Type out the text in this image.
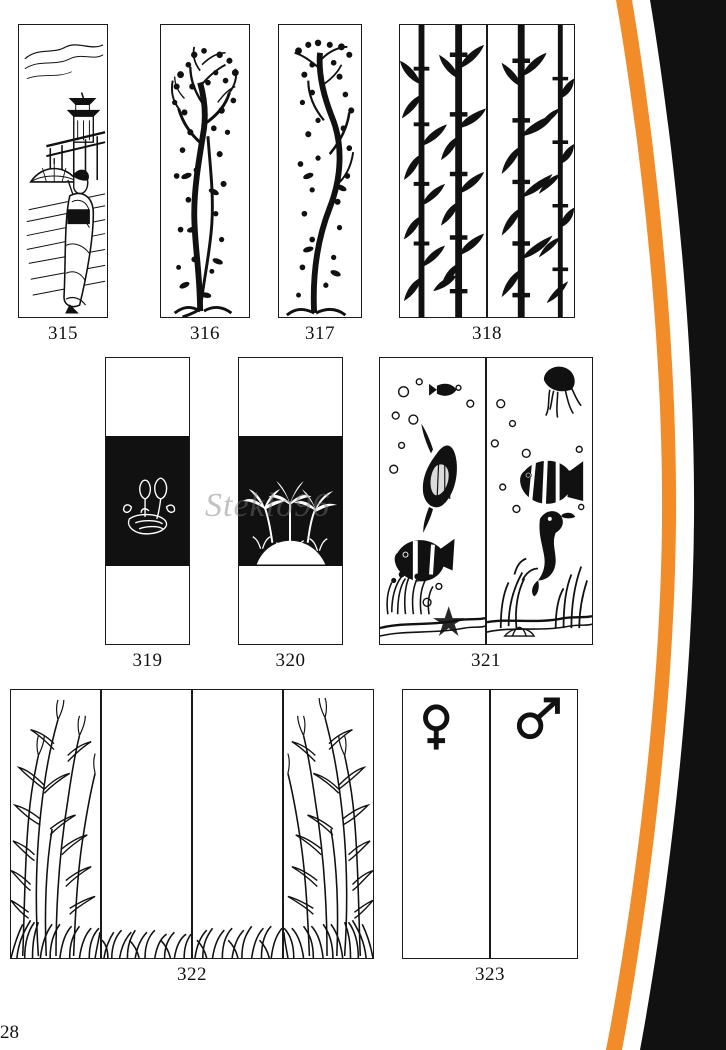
315	316	317	318
319	320	321
Steklo96
322	323
28
